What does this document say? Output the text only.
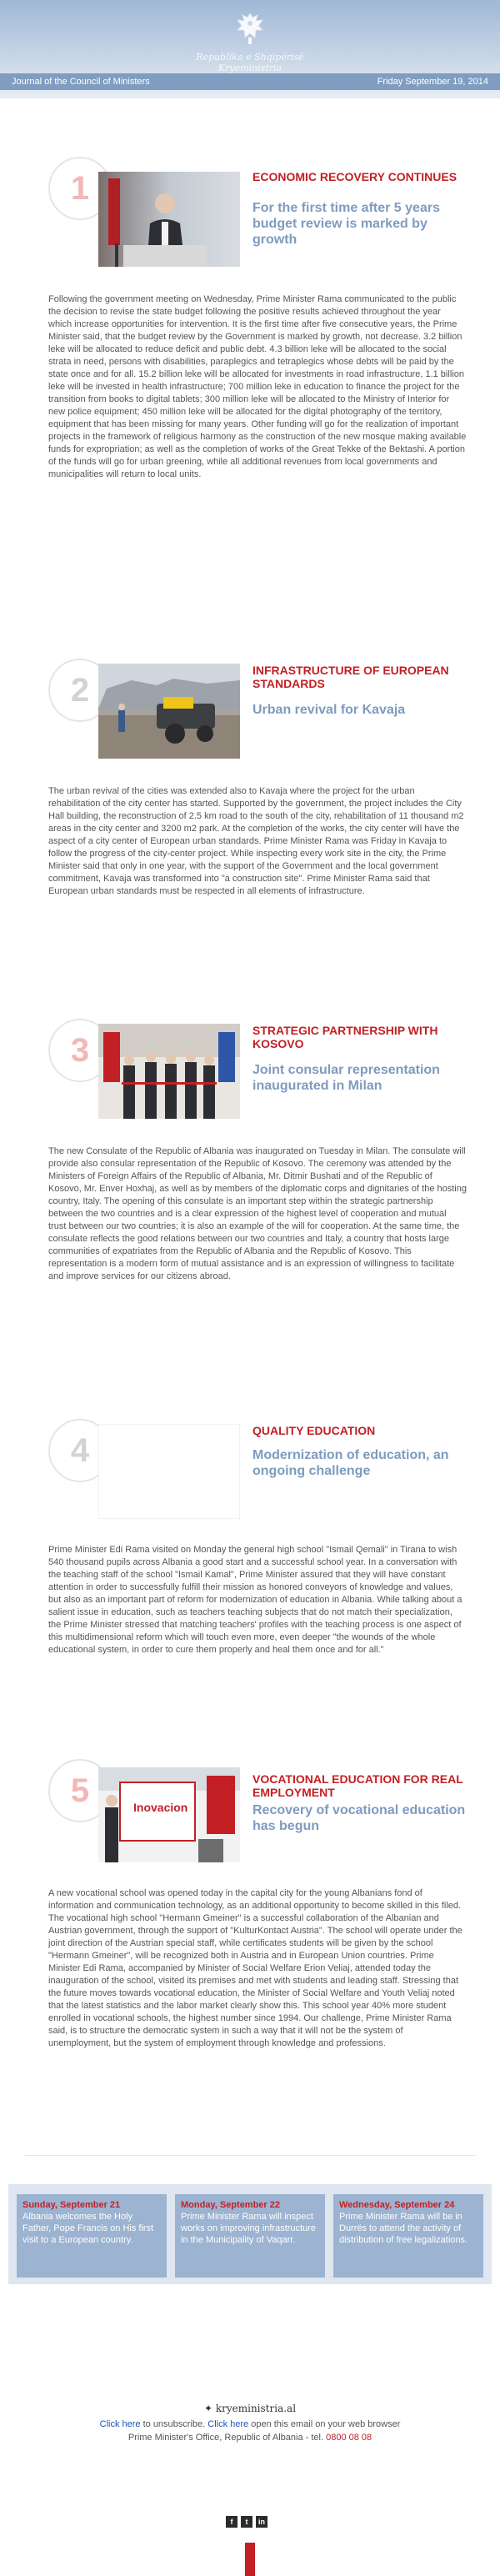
Republika e Shqipërisë
Kryeministria
Journal of the Council of Ministers	Friday September 19, 2014
1	ECONOMIC RECOVERY CONTINUES
For the first time after 5 years budget review is marked by growth
Following the government meeting on Wednesday, Prime Minister Rama communicated to the public the decision to revise the state budget following the positive results achieved throughout the year which increase opportunities for intervention. It is the first time after five consecutive years, the Prime Minister said, that the budget review by the Government is marked by growth, not decrease. 3.2 billion leke will be allocated to reduce deficit and public debt. 4.3 billion leke will be allocated to the social strata in need, persons with disabilities, paraplegics and tetraplegics whose debts will be paid by the state once and for all. 15.2 billion leke will be allocated for investments in road infrastructure, 1.1 billion leke will be invested in health infrastructure; 700 million leke in education to finance the project for the transition from books to digital tablets; 300 million leke will be allocated to the Ministry of Interior for new police equipment; 450 million leke will be allocated for the digital photography of the territory, equipment that has been missing for many years. Other funding will go for the realization of important projects in the framework of religious harmony as the construction of the new mosque making available funds for expropriation; as well as the completion of works of the Great Tekke of the Bektashi. A portion of the funds will go for urban greening, while all additional revenues from local governments and municipalities will return to local units.
2
INFRASTRUCTURE OF EUROPEAN STANDARDS
Urban revival for Kavaja
The urban revival of the cities was extended also to Kavaja where the project for the urban rehabilitation of the city center has started. Supported by the government, the project includes the City Hall building, the reconstruction of 2.5 km road to the south of the city, rehabilitation of 11 thousand m2 areas in the city center and 3200 m2 park. At the completion of the works, the city center will have the aspect of a city center of European urban standards. Prime Minister Rama was Friday in Kavaja to follow the progress of the city-center project. While inspecting every work site in the city, the Prime Minister said that only in one year, with the support of the Government and the local government commitment, Kavaja was transformed into "a construction site". Prime Minister Rama said that European urban standards must be respected in all elements of infrastructure.
3
STRATEGIC PARTNERSHIP WITH KOSOVO
Joint consular representation inaugurated in Milan
The new Consulate of the Republic of Albania was inaugurated on Tuesday in Milan. The consulate will provide also consular representation of the Republic of Kosovo. The ceremony was attended by the Ministers of Foreign Affairs of the Republic of Albania, Mr. Ditmir Bushati and of the Republic of Kosovo, Mr. Enver Hoxhaj, as well as by members of the diplomatic corps and dignitaries of the hosting country, Italy. The opening of this consulate is an important step within the strategic partnership between the two countries and is a clear expression of the highest level of cooperation and mutual trust between our two countries; it is also an example of the will for cooperation. At the same time, the consulate reflects the good relations between our two countries and Italy, a country that hosts large communities of expatriates from the Republic of Albania and the Republic of Kosovo. This representation is a modern form of mutual assistance and is an expression of willingness to facilitate and improve services for our citizens abroad.
4
QUALITY EDUCATION
Modernization of education, an ongoing challenge
Prime Minister Edi Rama visited on Monday the general high school "Ismail Qemali" in Tirana to wish 540 thousand pupils across Albania a good start and a successful school year. In a conversation with the teaching staff of the school "Ismail Kamal", Prime Minister assured that they will have constant attention in order to successfully fulfill their mission as honored conveyors of knowledge and values, but also as an important part of reform for modernization of education in Albania. While talking about a salient issue in education, such as teachers teaching subjects that do not match their specialization, the Prime Minister stressed that matching teachers' profiles with the teaching process is one aspect of this multidimensional reform which will touch even more, even deeper "the wounds of the whole educational system, in order to cure them properly and heal them once and for all."
5	Inovacion
VOCATIONAL EDUCATION FOR REAL EMPLOYMENT
Recovery of vocational education has begun
A new vocational school was opened today in the capital city for the young Albanians fond of information and communication technology, as an additional opportunity to become skilled in this filed. The vocational high school "Hermann Gmeiner" is a successful collaboration of the Albanian and Austrian government, through the support of "KulturKontact Austria". The school will operate under the joint direction of the Austrian special staff, while certificates students will be given by the school "Hermann Gmeiner", will be recognized both in Austria and in European Union countries. Prime Minister Edi Rama, accompanied by Minister of Social Welfare Erion Veliaj, attended today the inauguration of the school, visited its premises and met with students and leading staff. Stressing that the future moves towards vocational education, the Minister of Social Welfare and Youth Veliaj noted that the latest statistics and the labor market clearly show this. This school year 40% more student enrolled in vocational schools, the highest number since 1994. Our challenge, Prime Minister Rama said, is to structure the democratic system in such a way that it will not be the system of unemployment, but the system of employment through knowledge and professions.
Sunday, September 21
Albania welcomes the Holy Father, Pope Francis on His first visit to a European country.
Monday, September 22
Prime Minister Rama will inspect works on improving infrastructure in the Municipality of Vaqarr.
Wednesday, September 24
Prime Minister Rama will be in Durrës to attend the activity of distribution of free legalizations.
✦ kryeministria.al
Click here to unsubscribe. Click here open this email on your web browser
Prime Minister's Office, Republic of Albania - tel. 0800 08 08
f t in
